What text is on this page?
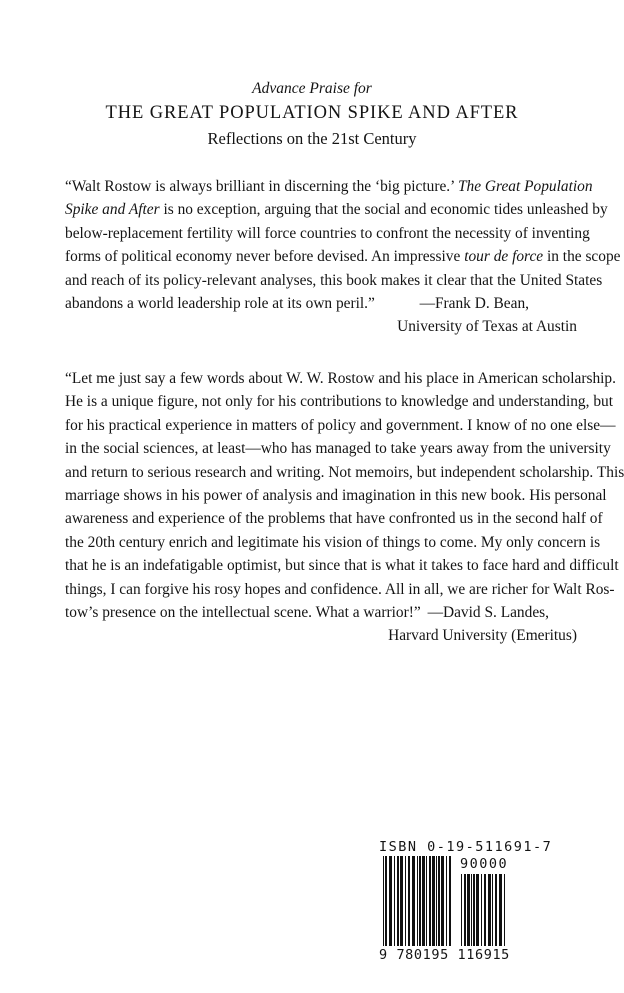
Advance Praise for
THE GREAT POPULATION SPIKE AND AFTER
Reflections on the 21st Century
“Walt Rostow is always brilliant in discerning the ‘big picture.’ The Great Population
Spike and After is no exception, arguing that the social and economic tides unleashed by
below-replacement fertility will force countries to confront the necessity of inventing
forms of political economy never before devised. An impressive tour de force in the scope
and reach of its policy-relevant analyses, this book makes it clear that the United States
abandons a world leadership role at its own peril.”	—Frank D. Bean,
University of Texas at Austin
“Let me just say a few words about W. W. Rostow and his place in American scholarship.
He is a unique figure, not only for his contributions to knowledge and understanding, but
for his practical experience in matters of policy and government. I know of no one else—
in the social sciences, at least—who has managed to take years away from the university
and return to serious research and writing. Not memoirs, but independent scholarship. This
marriage shows in his power of analysis and imagination in this new book. His personal
awareness and experience of the problems that have confronted us in the second half of
the 20th century enrich and legitimate his vision of things to come. My only concern is
that he is an indefatigable optimist, but since that is what it takes to face hard and difficult
things, I can forgive his rosy hopes and confidence. All in all, we are richer for Walt Ros-
tow’s presence on the intellectual scene. What a warrior!” —David S. Landes,
Harvard University (Emeritus)
ISBN 0-19-511691-7
90000
9 780195 116915
